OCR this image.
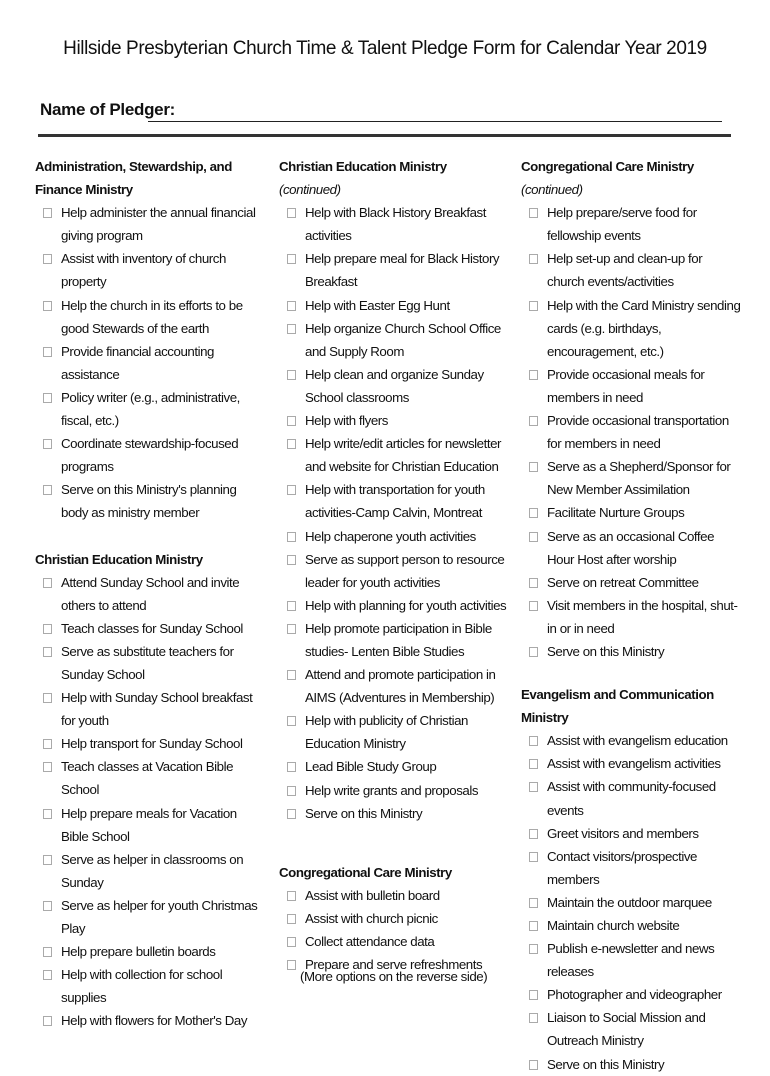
Hillside Presbyterian Church Time & Talent Pledge Form for Calendar Year 2019
Name of Pledger:
Administration, Stewardship, and Finance Ministry
Help administer the annual financial giving program
Assist with inventory of church property
Help the church in its efforts to be good Stewards of the earth
Provide financial accounting assistance
Policy writer (e.g., administrative, fiscal, etc.)
Coordinate stewardship-focused programs
Serve on this Ministry's planning body as ministry member
Christian Education Ministry
Attend Sunday School and invite others to attend
Teach classes for Sunday School
Serve as substitute teachers for Sunday School
Help with Sunday School breakfast for youth
Help transport for Sunday School
Teach classes at Vacation Bible School
Help prepare meals for Vacation Bible School
Serve as helper in classrooms on Sunday
Serve as helper for youth Christmas Play
Help prepare bulletin boards
Help with collection for school supplies
Help with flowers for Mother's Day
Christian Education Ministry (continued)
Help with Black History Breakfast activities
Help prepare meal for Black History Breakfast
Help with Easter Egg Hunt
Help organize Church School Office and Supply Room
Help clean and organize Sunday School classrooms
Help with flyers
Help write/edit articles for newsletter and website for Christian Education
Help with transportation for youth activities-Camp Calvin, Montreat
Help chaperone youth activities
Serve as support person to resource leader for youth activities
Help with planning for youth activities
Help promote participation in Bible studies- Lenten Bible Studies
Attend and promote participation in AIMS (Adventures in Membership)
Help with publicity of Christian Education Ministry
Lead Bible Study Group
Help write grants and proposals
Serve on this Ministry
Congregational Care Ministry
Assist with bulletin board
Assist with church picnic
Collect attendance data
Prepare and serve refreshments
Congregational Care Ministry (continued)
Help prepare/serve food for fellowship events
Help set-up and clean-up for church events/activities
Help with the Card Ministry sending cards (e.g. birthdays, encouragement, etc.)
Provide occasional meals for members in need
Provide occasional transportation for members in need
Serve as a Shepherd/Sponsor for New Member Assimilation
Facilitate Nurture Groups
Serve as an occasional Coffee Hour Host after worship
Serve on retreat Committee
Visit members in the hospital, shut-in or in need
Serve on this Ministry
Evangelism and Communication Ministry
Assist with evangelism education
Assist with evangelism activities
Assist with community-focused events
Greet visitors and members
Contact visitors/prospective members
Maintain the outdoor marquee
Maintain church website
Publish e-newsletter and news releases
Photographer and videographer
Liaison to Social Mission and Outreach Ministry
Serve on this Ministry
(More options on the reverse side)
